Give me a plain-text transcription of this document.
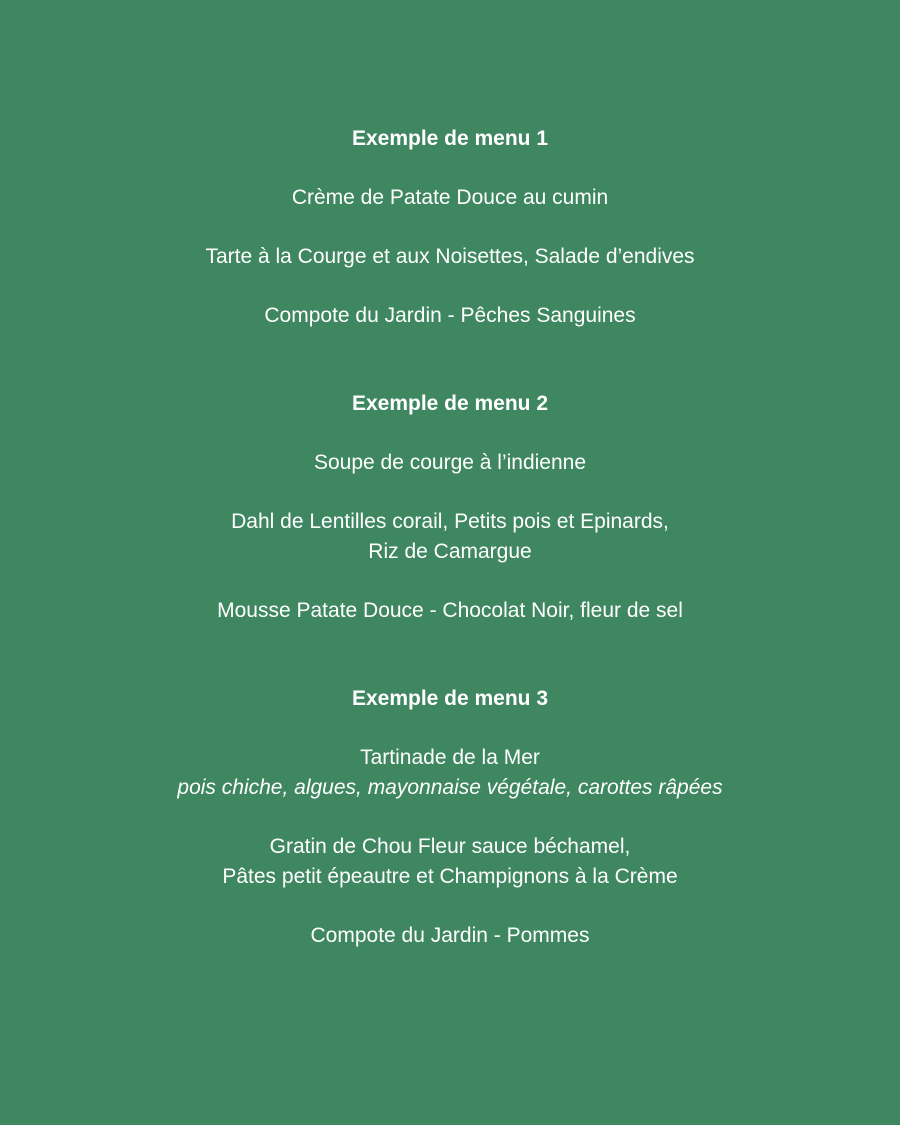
Exemple de menu 1
Crème de Patate Douce au cumin
Tarte à la Courge et aux Noisettes, Salade d’endives
Compote du Jardin - Pêches Sanguines
Exemple de menu 2
Soupe de courge à l’indienne
Dahl de Lentilles corail, Petits pois et Epinards,
Riz de Camargue
Mousse Patate Douce - Chocolat Noir, fleur de sel
Exemple de menu 3
Tartinade de la Mer
pois chiche, algues, mayonnaise végétale, carottes râpées
Gratin de Chou Fleur sauce béchamel,
Pâtes petit épeautre et Champignons à la Crème
Compote du Jardin - Pommes
